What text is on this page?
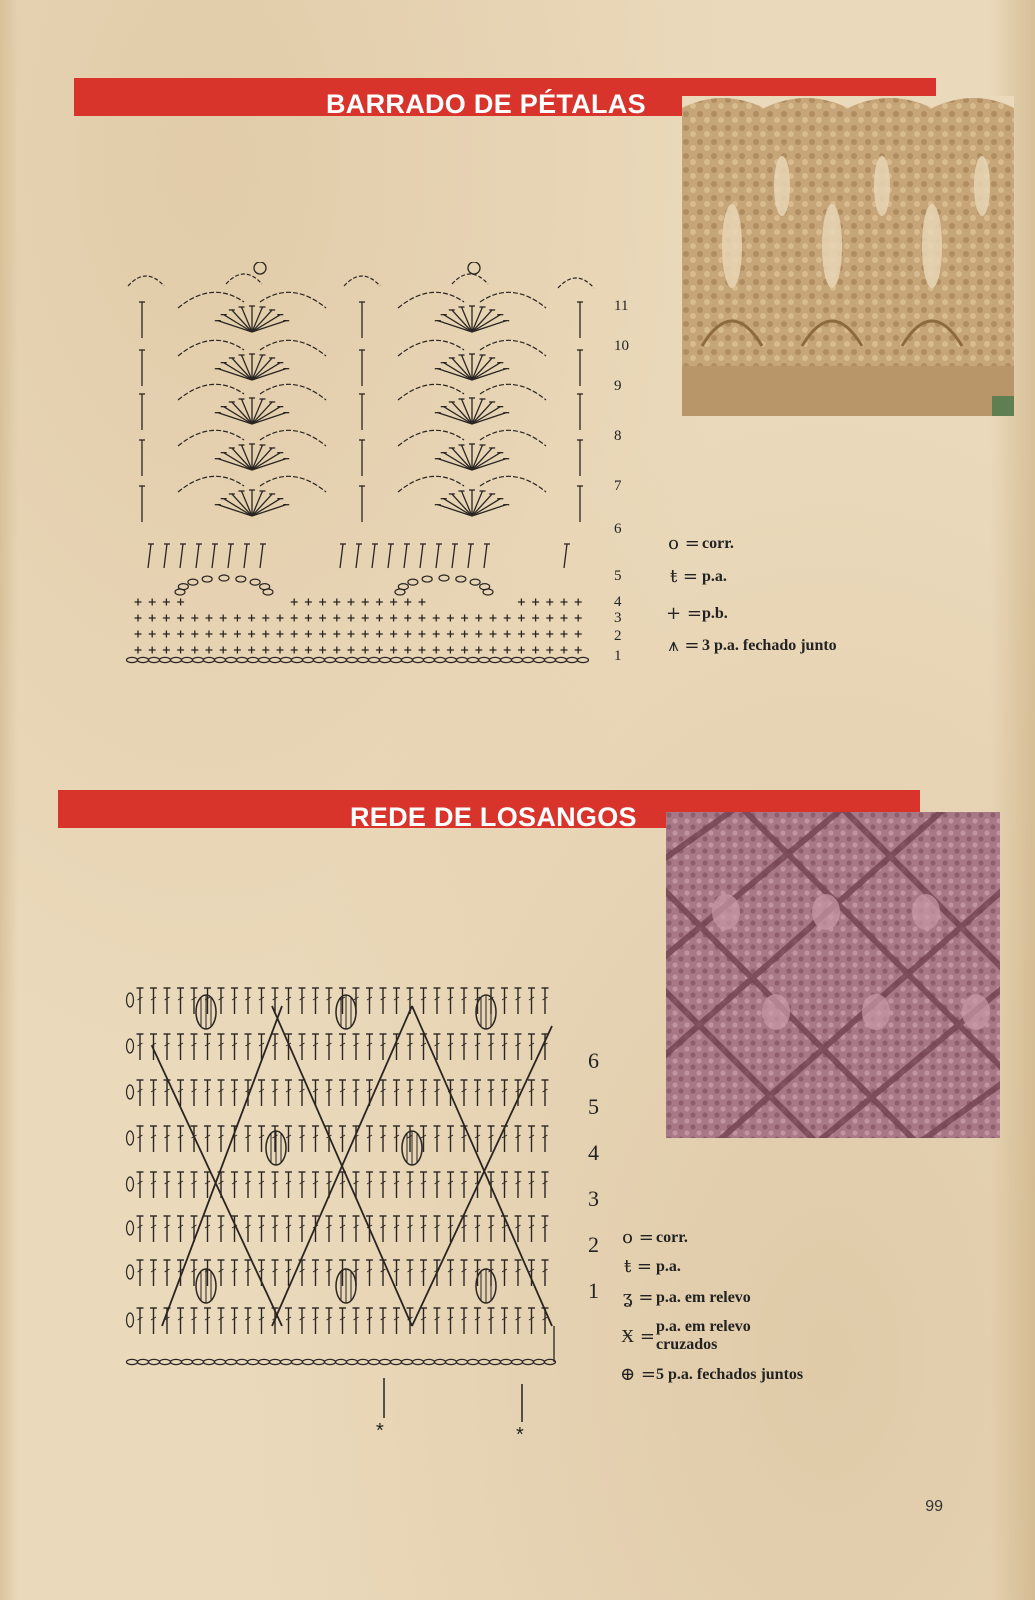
BARRADO DE PÉTALAS
11
10
9
8
7
6
5
4
3
2
1
o = corr.
ŧ = p.a.
+ = p.b.
⩚ = 3 p.a. fechado junto
REDE DE LOSANGOS
6
5
4
3
2
1
o = corr.
ŧ = p.a.
ʓ = p.a. em relevo
Ӿ = p.a. em relevo cruzados
⊕ = 5 p.a. fechados juntos
*	*
99
